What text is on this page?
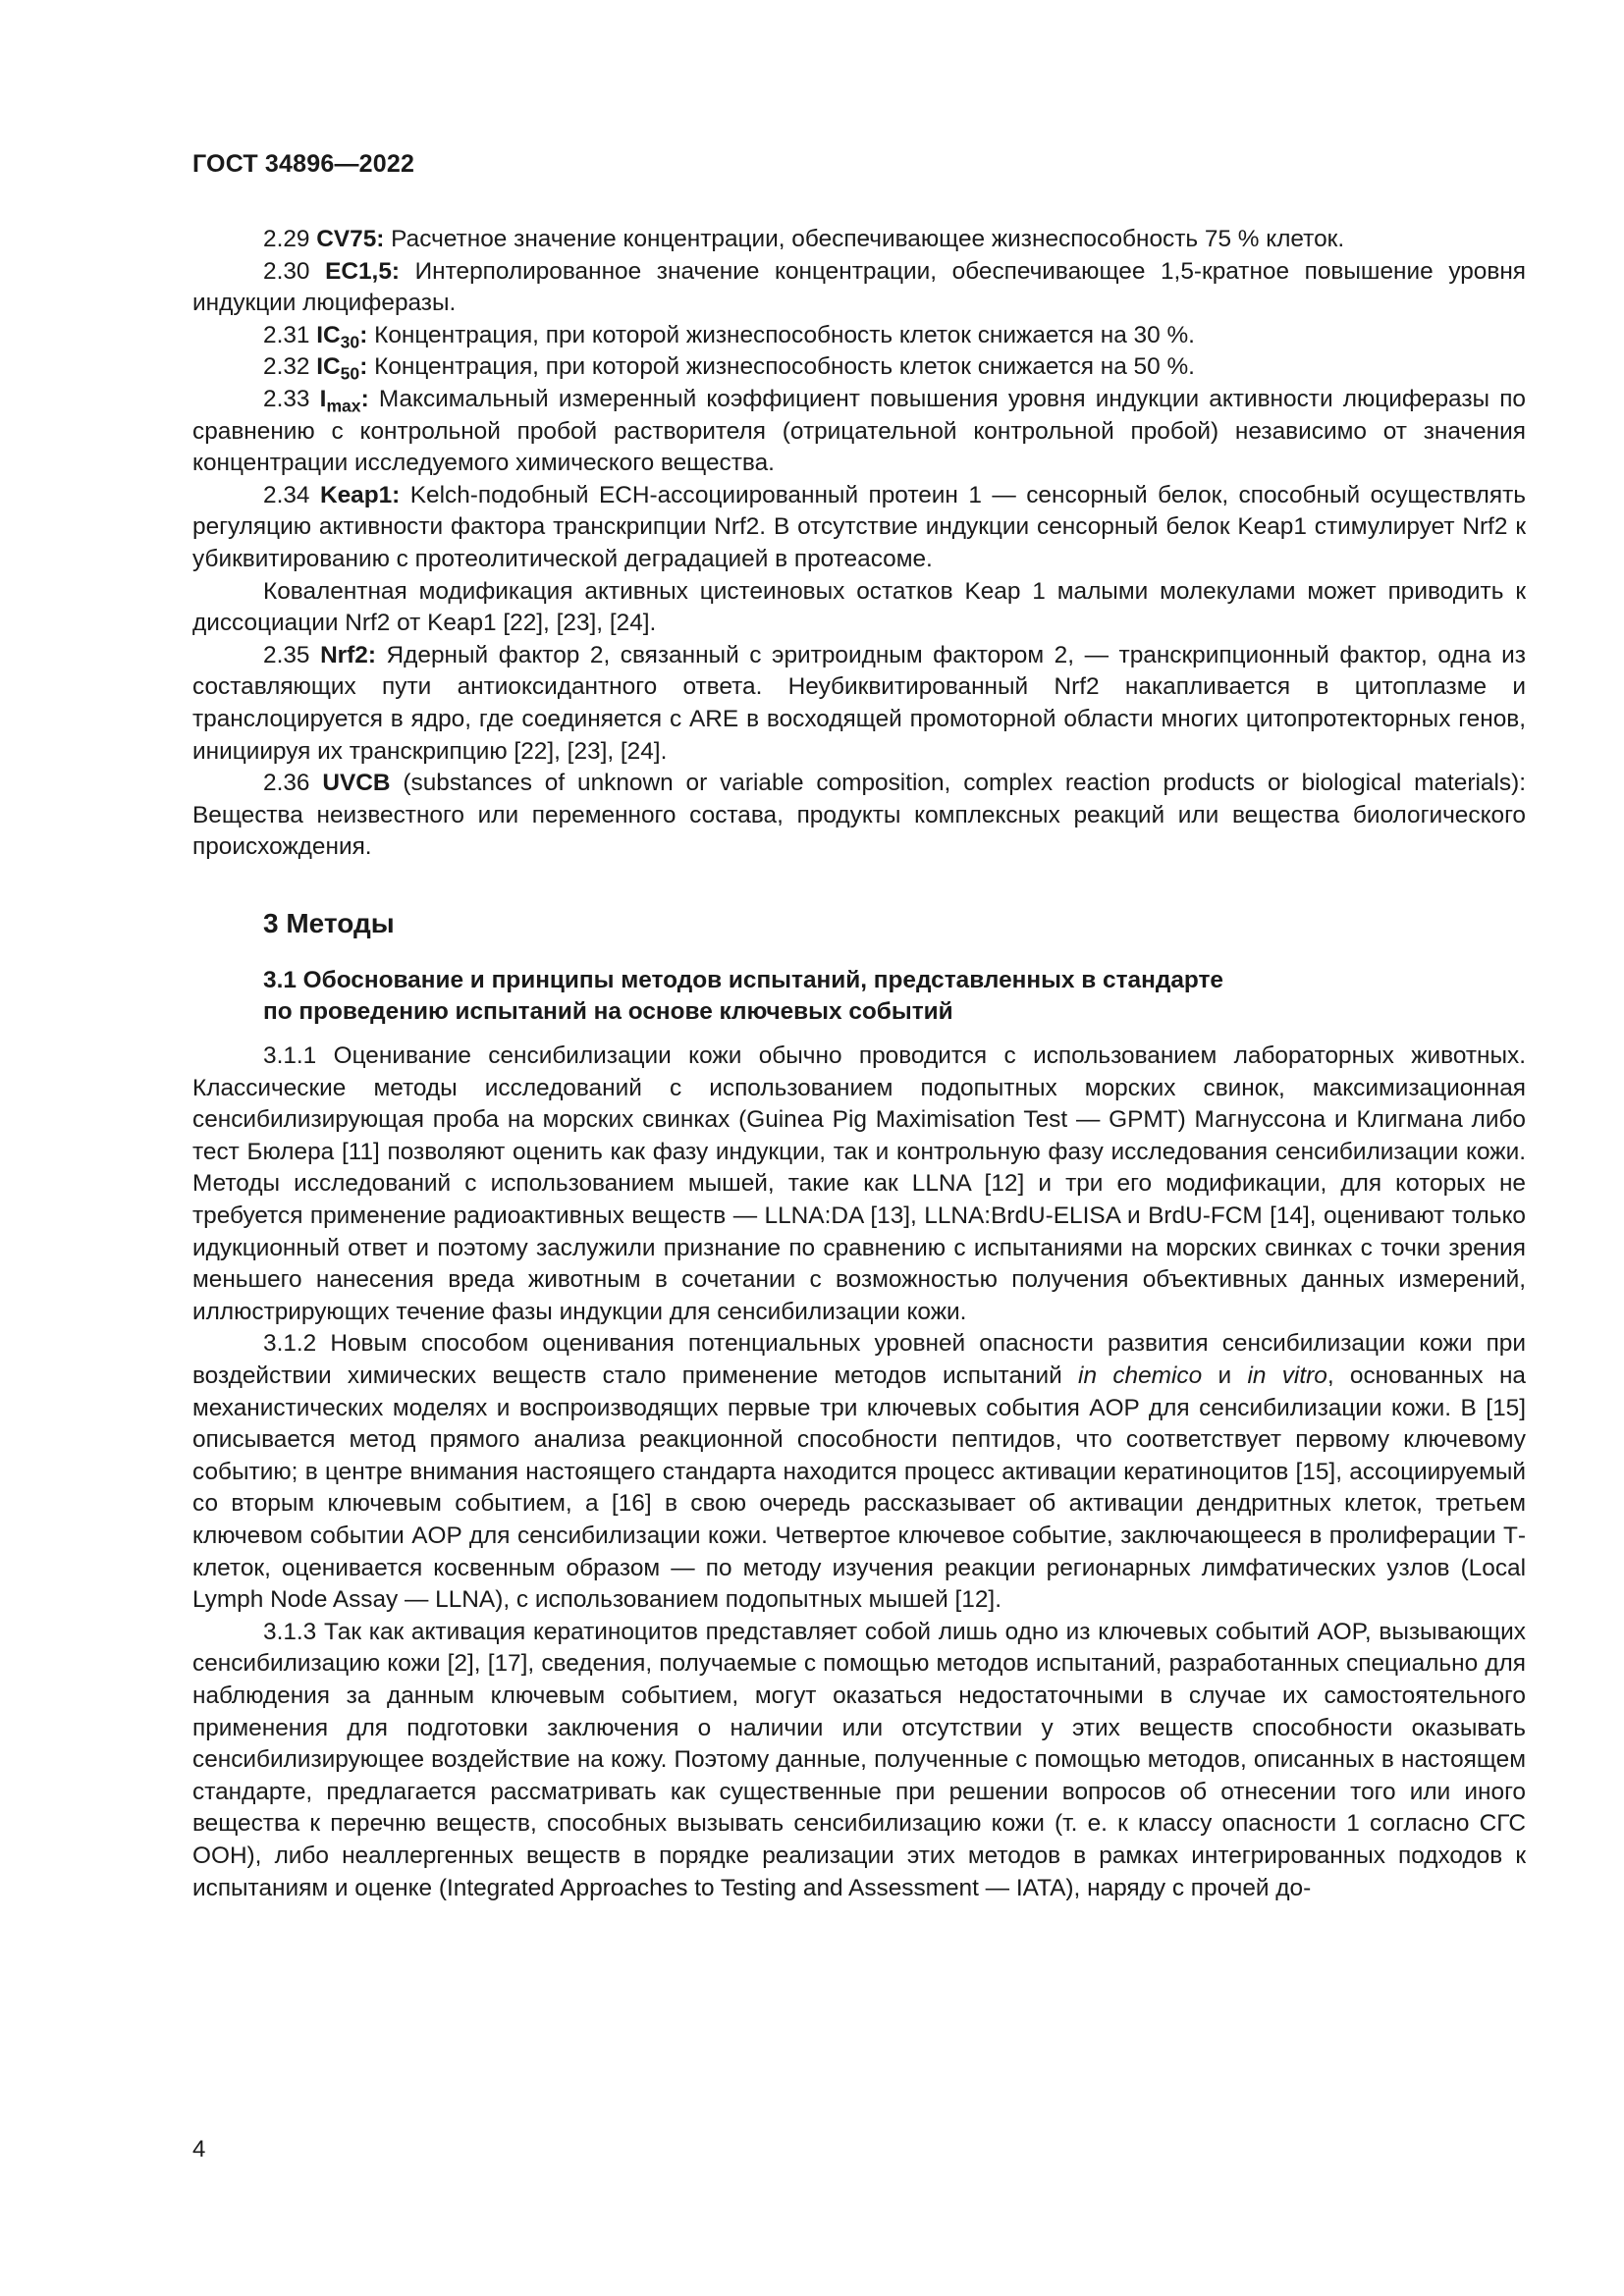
ГОСТ 34896—2022

2.29 CV75: Расчетное значение концентрации, обеспечивающее жизнеспособность 75 % клеток.

2.30 EC1,5: Интерполированное значение концентрации, обеспечивающее 1,5-кратное повышение уровня индукции люциферазы.

2.31 $IC_{30}$: Концентрация, при которой жизнеспособность клеток снижается на 30 %.

2.32 $IC_{50}$: Концентрация, при которой жизнеспособность клеток снижается на 50 %.

2.33 $I_{max}$: Максимальный измеренный коэффициент повышения уровня индукции активности люциферазы по сравнению с контрольной пробой растворителя (отрицательной контрольной пробой) независимо от значения концентрации исследуемого химического вещества.

2.34 Keap1: Kelch-подобный ECH-ассоциированный протеин 1 — сенсорный белок, способный осуществлять регуляцию активности фактора транскрипции Nrf2. В отсутствие индукции сенсорный белок Keap1 стимулирует Nrf2 к убиквитированию с протеолитической деградацией в протеасоме.

Ковалентная модификация активных цистеиновых остатков Keap 1 малыми молекулами может приводить к диссоциации Nrf2 от Keap1 [22], [23], [24].

2.35 Nrf2: Ядерный фактор 2, связанный с эритроидным фактором 2, — транскрипционный фактор, одна из составляющих пути антиоксидантного ответа. Неубиквитированный Nrf2 накапливается в цитоплазме и транслоцируется в ядро, где соединяется с ARE в восходящей промоторной области многих цитопротекторных генов, инициируя их транскрипцию [22], [23], [24].

2.36 UVCB (substances of unknown or variable composition, complex reaction products or biological materials): Вещества неизвестного или переменного состава, продукты комплексных реакций или вещества биологического происхождения.

3 Методы
3.1 Обоснование и принципы методов испытаний, представленных в стандарте
по проведению испытаний на основе ключевых событий

3.1.1 Оценивание сенсибилизации кожи обычно проводится с использованием лабораторных животных. Классические методы исследований с использованием подопытных морских свинок, максимизационная сенсибилизирующая проба на морских свинках (Guinea Pig Maximisation Test — GPMT) Магнуссона и Клигмана либо тест Бюлера [11] позволяют оценить как фазу индукции, так и контрольную фазу исследования сенсибилизации кожи. Методы исследований с использованием мышей, такие как LLNA [12] и три его модификации, для которых не требуется применение радиоактивных веществ — LLNA:DA [13], LLNA:BrdU-ELISA и BrdU-FCM [14], оценивают только идукционный ответ и поэтому заслужили признание по сравнению с испытаниями на морских свинках с точки зрения меньшего нанесения вреда животным в сочетании с возможностью получения объективных данных измерений, иллюстрирующих течение фазы индукции для сенсибилизации кожи.

3.1.2 Новым способом оценивания потенциальных уровней опасности развития сенсибилизации кожи при воздействии химических веществ стало применение методов испытаний in chemico и in vitro, основанных на механистических моделях и воспроизводящих первые три ключевых события AOP для сенсибилизации кожи. В [15] описывается метод прямого анализа реакционной способности пептидов, что соответствует первому ключевому событию; в центре внимания настоящего стандарта находится процесс активации кератиноцитов [15], ассоциируемый со вторым ключевым событием, а [16] в свою очередь рассказывает об активации дендритных клеток, третьем ключевом событии AOP для сенсибилизации кожи. Четвертое ключевое событие, заключающееся в пролиферации Т-клеток, оценивается косвенным образом — по методу изучения реакции регионарных лимфатических узлов (Local Lymph Node Assay — LLNA), с использованием подопытных мышей [12].

3.1.3 Так как активация кератиноцитов представляет собой лишь одно из ключевых событий AOP, вызывающих сенсибилизацию кожи [2], [17], сведения, получаемые с помощью методов испытаний, разработанных специально для наблюдения за данным ключевым событием, могут оказаться недостаточными в случае их самостоятельного применения для подготовки заключения о наличии или отсутствии у этих веществ способности оказывать сенсибилизирующее воздействие на кожу. Поэтому данные, полученные с помощью методов, описанных в настоящем стандарте, предлагается рассматривать как существенные при решении вопросов об отнесении того или иного вещества к перечню веществ, способных вызывать сенсибилизацию кожи (т. е. к классу опасности 1 согласно СГС ООН), либо неаллергенных веществ в порядке реализации этих методов в рамках интегрированных подходов к испытаниям и оценке (Integrated Approaches to Testing and Assessment — IATA), наряду с прочей до-

4
